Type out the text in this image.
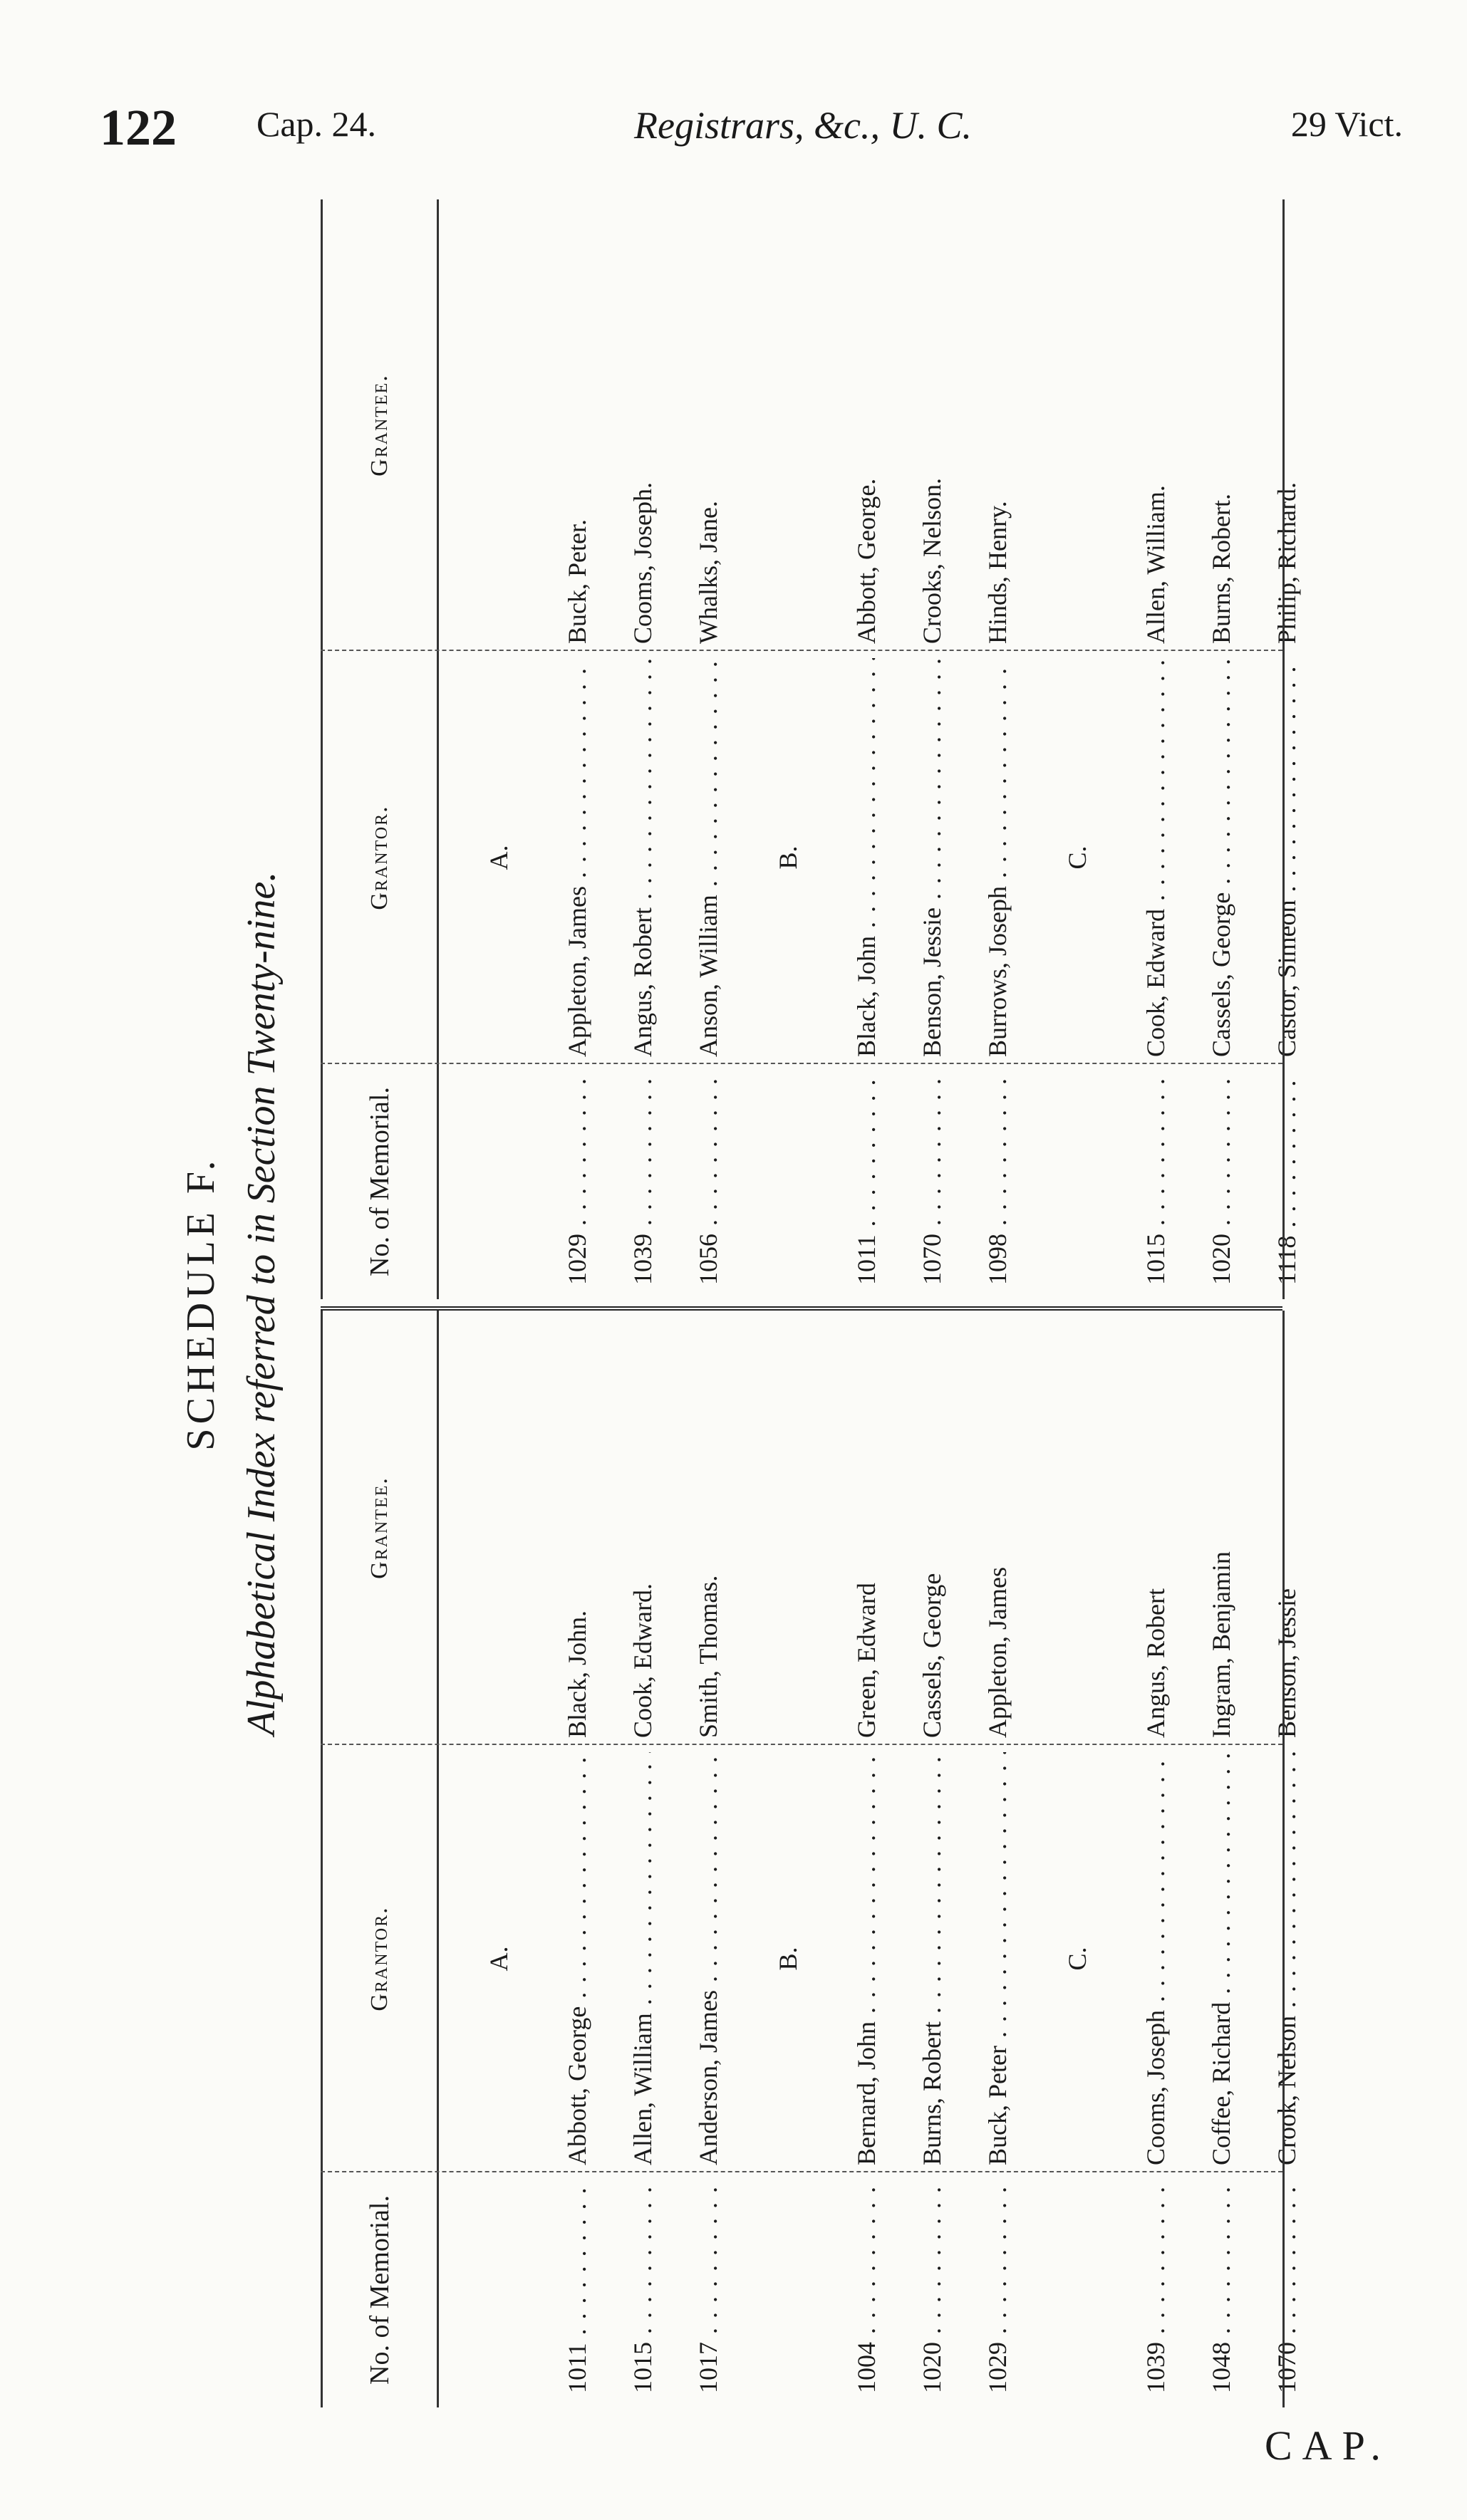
122 Cap. 24.	Registrars, &c., U. C.	29 Vict.
SCHEDULE F. Alphabetical Index referred to in Section Twenty-nine.
No. of Memorial.
Grantor.
Grantee.
A.
1011 . . .
Abbott, George . . .
Black, John.
1015 . . .
Allen, William . . .
Cook, Edward.
1017 . . .
Anderson, James . . .
Smith, Thomas.
B.
1004 . . .
Bernard, John . . .
Green, Edward
1020 . . .
Burns, Robert . . .
Cassels, George
1029 . . .
Buck, Peter . . .
Appleton, James
C.
1039 . . .
Cooms, Joseph . . .
Angus, Robert
1048 . . .
Coffee, Richard . . .
Ingram, Benjamin
1070 . . .
Crook, Nelson . . .
Benson, Jessie
No. of Memorial.
Grantor.
Grantee.
A.
1029 . . .
Appleton, James . . .
Buck, Peter.
1039 . . .
Angus, Robert . . .
Cooms, Joseph.
1056 . . .
Anson, William . . .
Whalks, Jane.
B.
1011 . . .
Black, John . . .
Abbott, George.
1070 . . .
Benson, Jessie . . .
Crooks, Nelson.
1098 . . .
Burrows, Joseph . . .
Hinds, Henry.
C.
1015 . . .
Cook, Edward . . .
Allen, William.
1020 . . .
Cassels, George . . .
Burns, Robert.
1118 . . .
Castor, Simeon . . .
Philip, Richard.
CAP.
